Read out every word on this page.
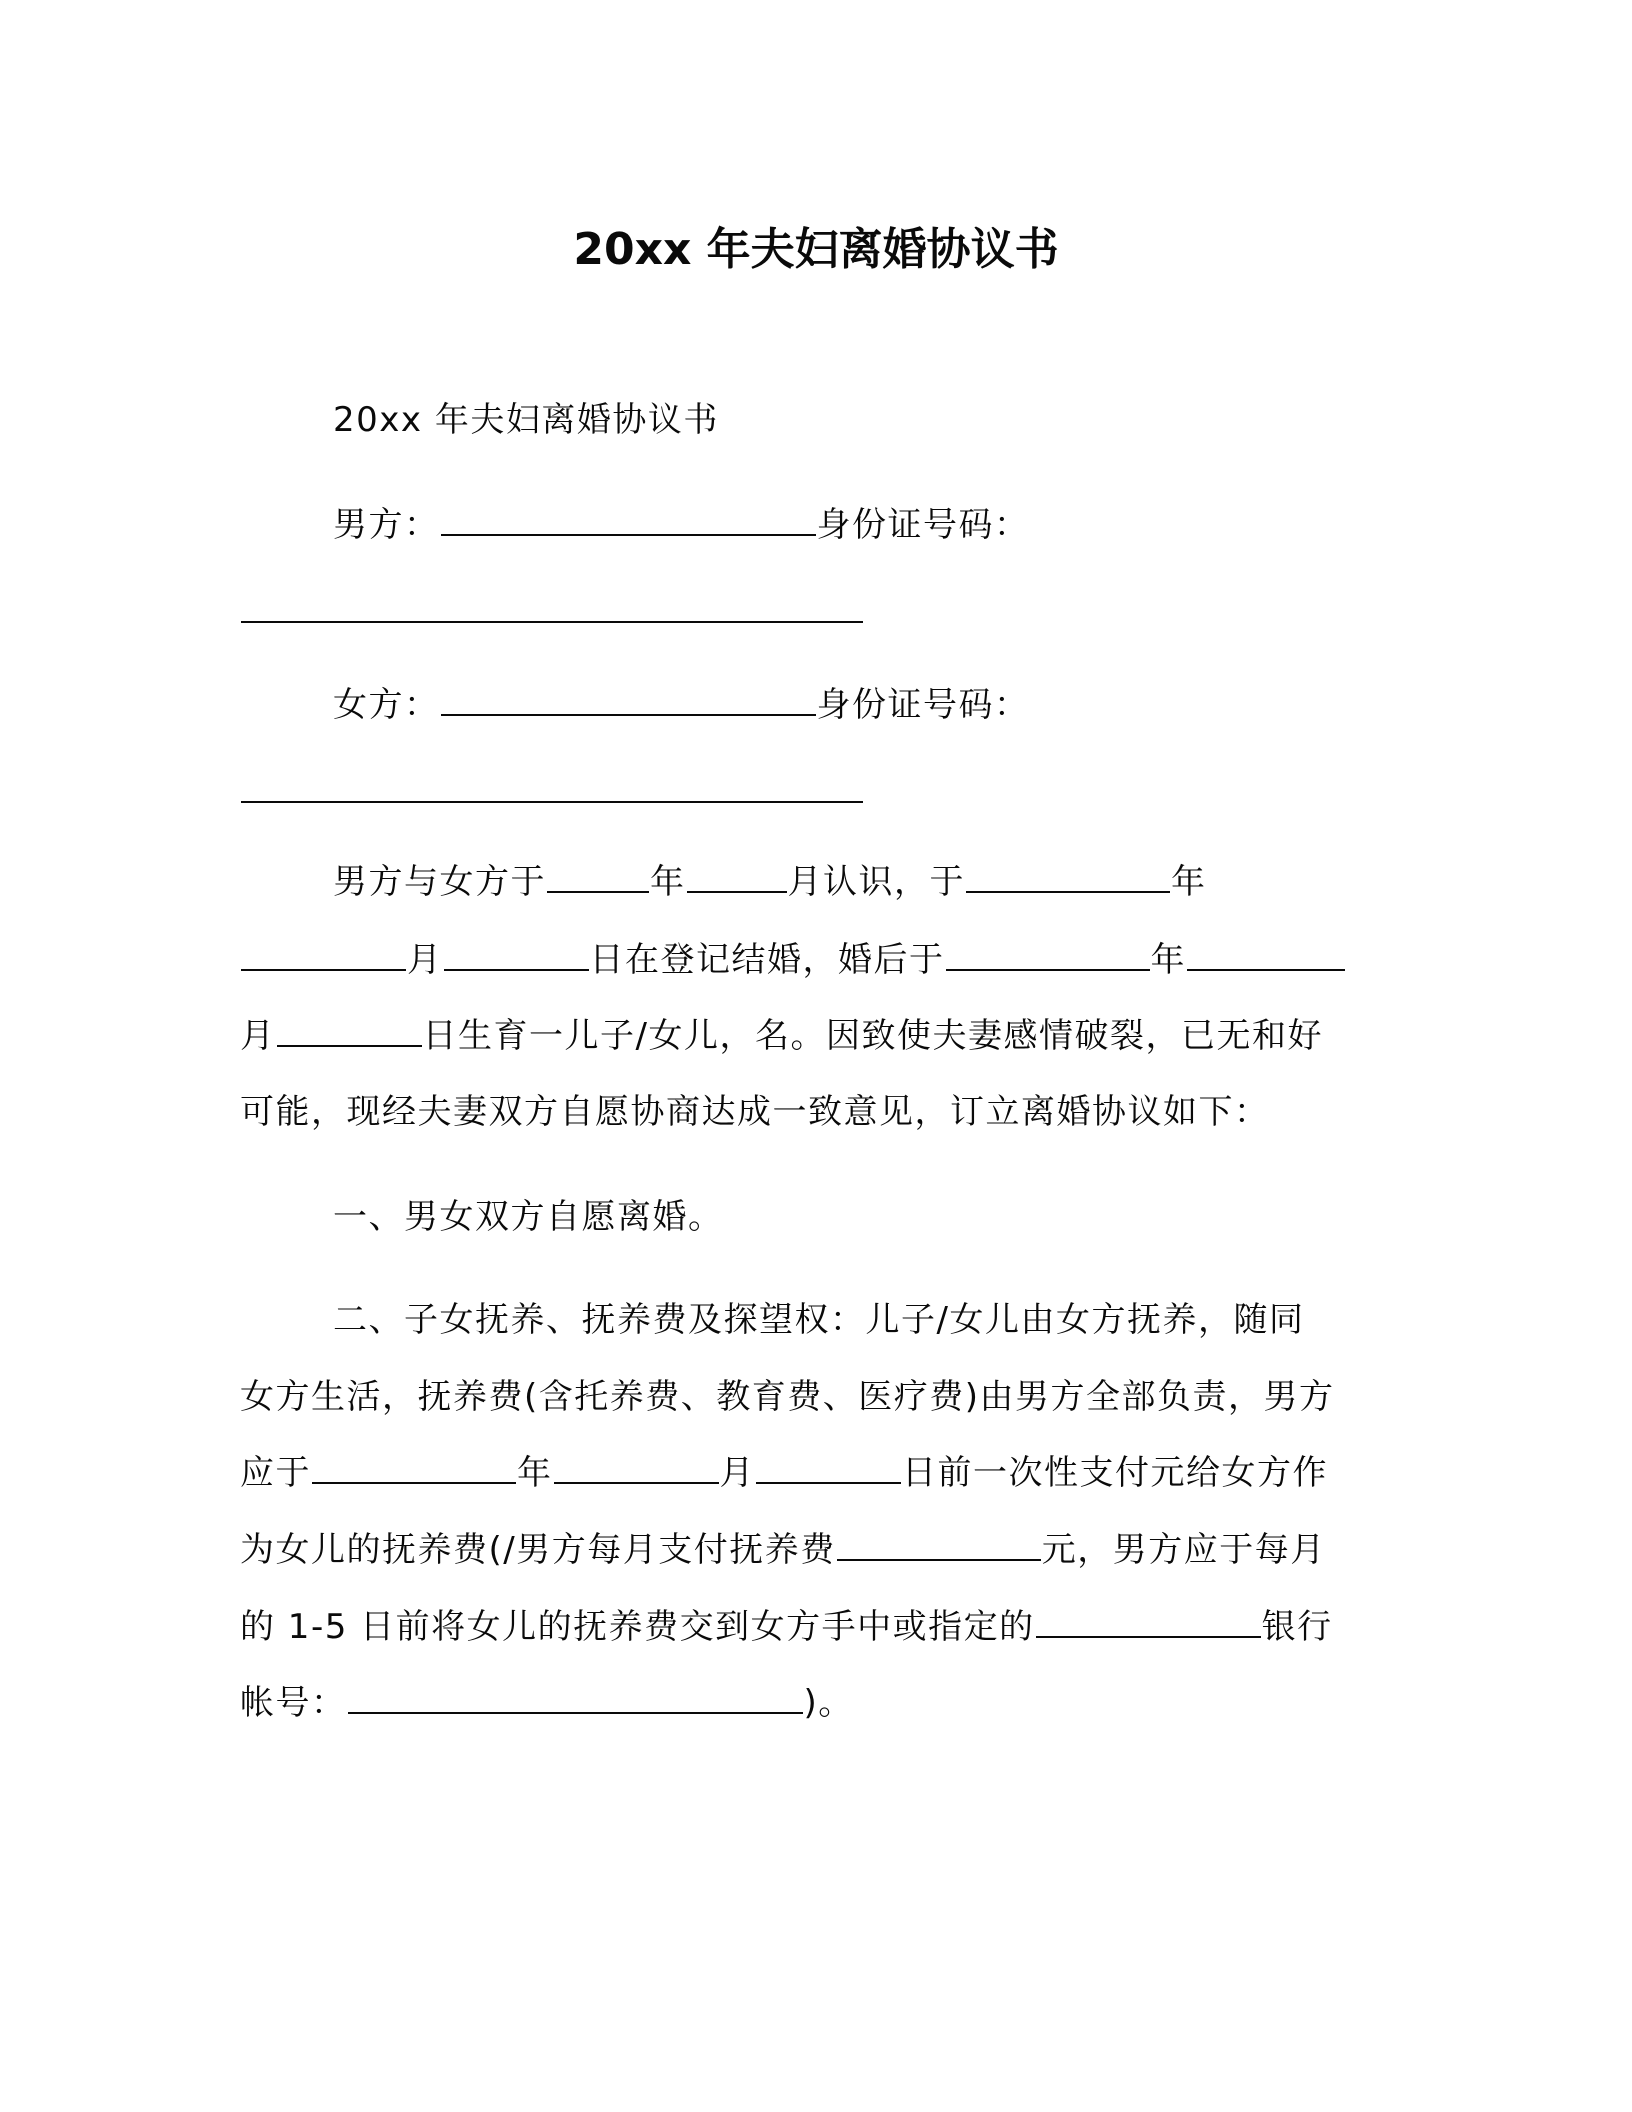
20xx 年夫妇离婚协议书
20xx 年夫妇离婚协议书
男方：	身份证号码：
女方：	身份证号码：
男方与女方于	年	月认识，于	年
月	日在登记结婚，婚后于	年
月	日生育一儿子/女儿，名。因致使夫妻感情破裂，已无和好
可能，现经夫妻双方自愿协商达成一致意见，订立离婚协议如下：
一、男女双方自愿离婚。
二、子女抚养、抚养费及探望权：儿子/女儿由女方抚养，随同
女方生活，抚养费(含托养费、教育费、医疗费)由男方全部负责，男方
应于	年	月	日前一次性支付元给女方作
为女儿的抚养费(/男方每月支付抚养费	元，男方应于每月
的 1-5 日前将女儿的抚养费交到女方手中或指定的	银行
帐号：	)。
